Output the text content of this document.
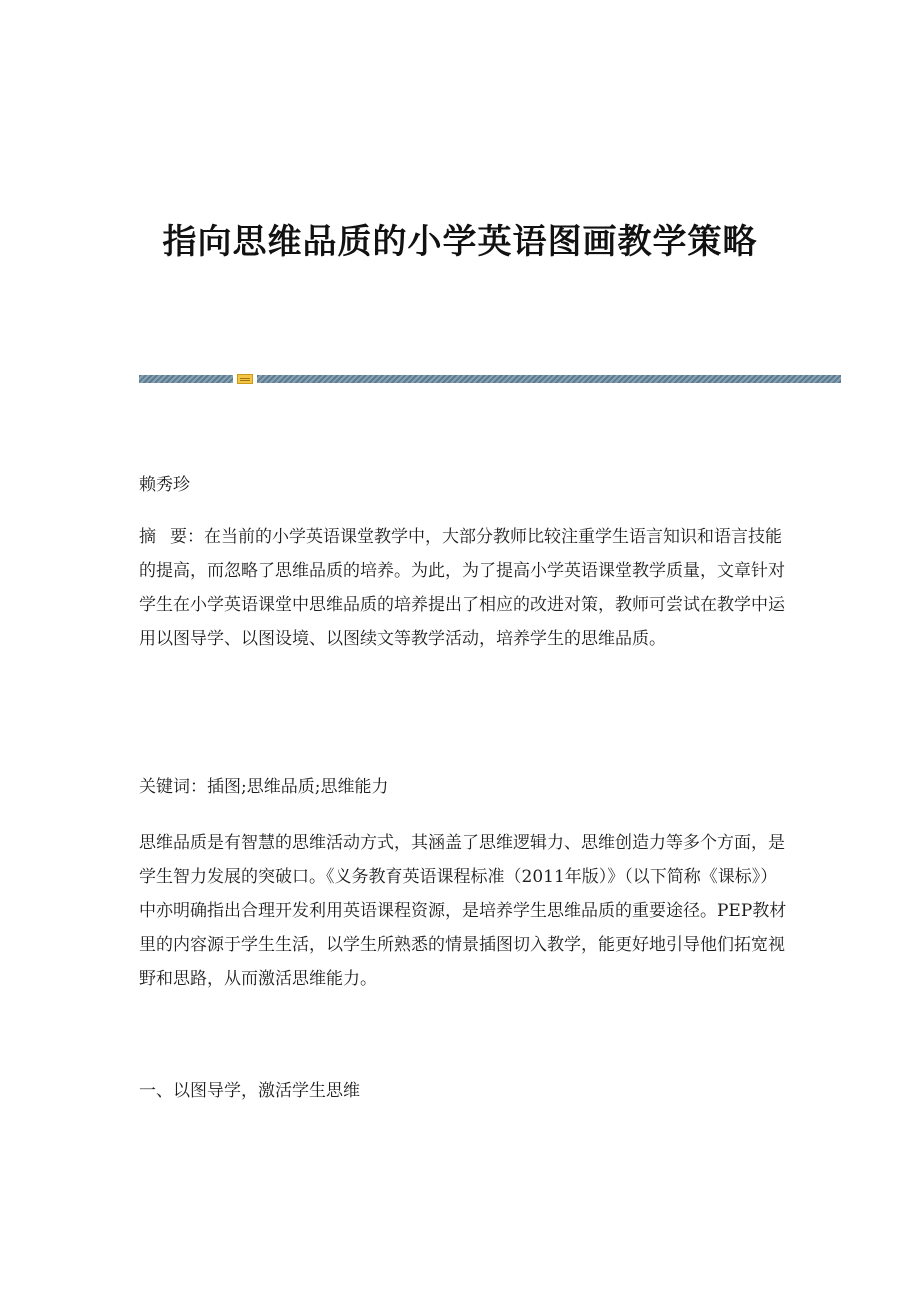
指向思维品质的小学英语图画教学策略

赖秀珍

摘 要：在当前的小学英语课堂教学中，大部分教师比较注重学生语言知识和语言技能的提高，而忽略了思维品质的培养。为此，为了提高小学英语课堂教学质量，文章针对学生在小学英语课堂中思维品质的培养提出了相应的改进对策，教师可尝试在教学中运用以图导学、以图设境、以图续文等教学活动，培养学生的思维品质。

关键词：插图;思维品质;思维能力

思维品质是有智慧的思维活动方式，其涵盖了思维逻辑力、思维创造力等多个方面，是学生智力发展的突破口。《义务教育英语课程标准（2011年版）》（以下简称《课标》）中亦明确指出合理开发利用英语课程资源，是培养学生思维品质的重要途径。PEP教材里的内容源于学生生活，以学生所熟悉的情景插图切入教学，能更好地引导他们拓宽视野和思路，从而激活思维能力。

一、以图导学，激活学生思维
